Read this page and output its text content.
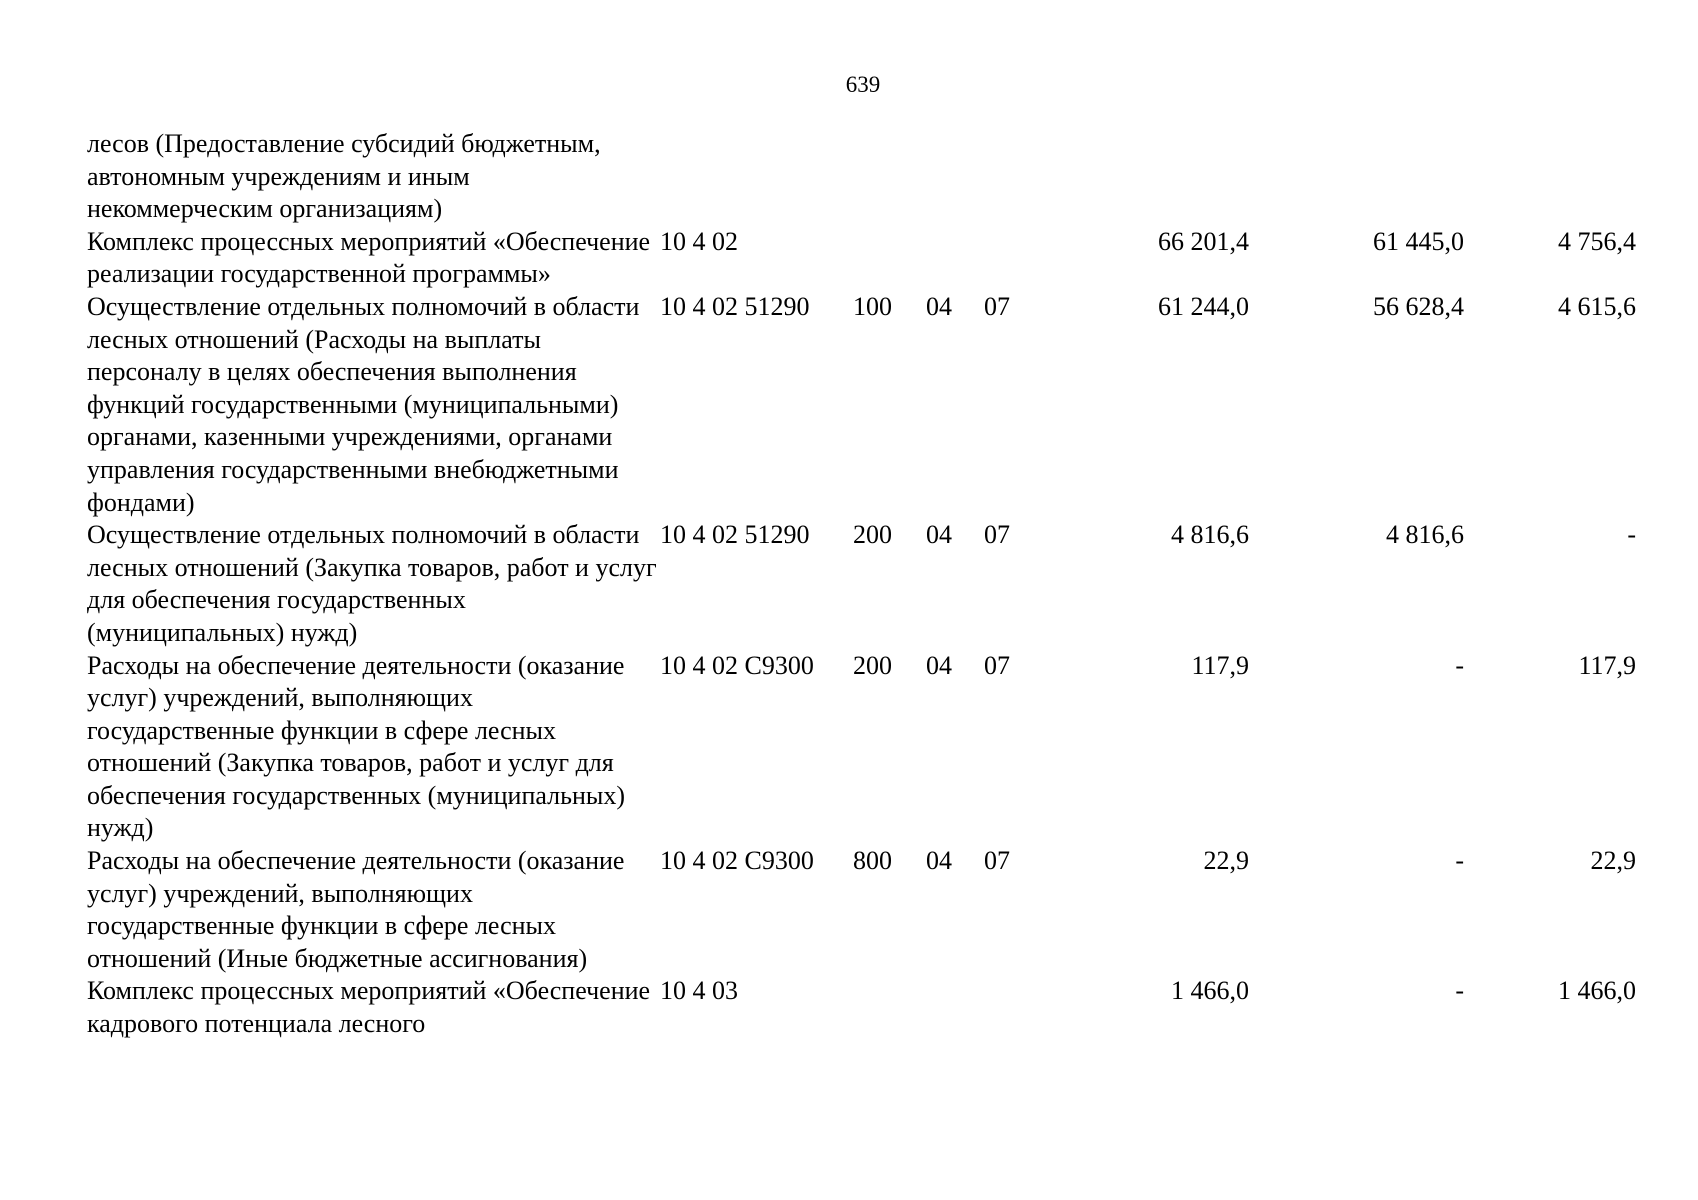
639
лесов (Предоставление субсидий бюджетным, автономным учреждениям и иным некоммерческим организациям)							
Комплекс процессных мероприятий «Обеспечение реализации государственной программы»	10 4 02				66 201,4	61 445,0	4 756,4
Осуществление отдельных полномочий в области лесных отношений (Расходы на выплаты персоналу в целях обеспечения выполнения функций государственными (муниципальными) органами, казенными учреждениями, органами управления государственными внебюджетными фондами)	10 4 02 51290	100	04	07	61 244,0	56 628,4	4 615,6
Осуществление отдельных полномочий в области лесных отношений (Закупка товаров, работ и услуг для обеспечения государственных (муниципальных) нужд)	10 4 02 51290	200	04	07	4 816,6	4 816,6	-
Расходы на обеспечение деятельности (оказание услуг) учреждений, выполняющих государственные функции в сфере лесных отношений (Закупка товаров, работ и услуг для обеспечения государственных (муниципальных) нужд)	10 4 02 С9300	200	04	07	117,9	-	117,9
Расходы на обеспечение деятельности (оказание услуг) учреждений, выполняющих государственные функции в сфере лесных отношений (Иные бюджетные ассигнования)	10 4 02 С9300	800	04	07	22,9	-	22,9
Комплекс процессных мероприятий «Обеспечение кадрового потенциала лесного	10 4 03				1 466,0	-	1 466,0
